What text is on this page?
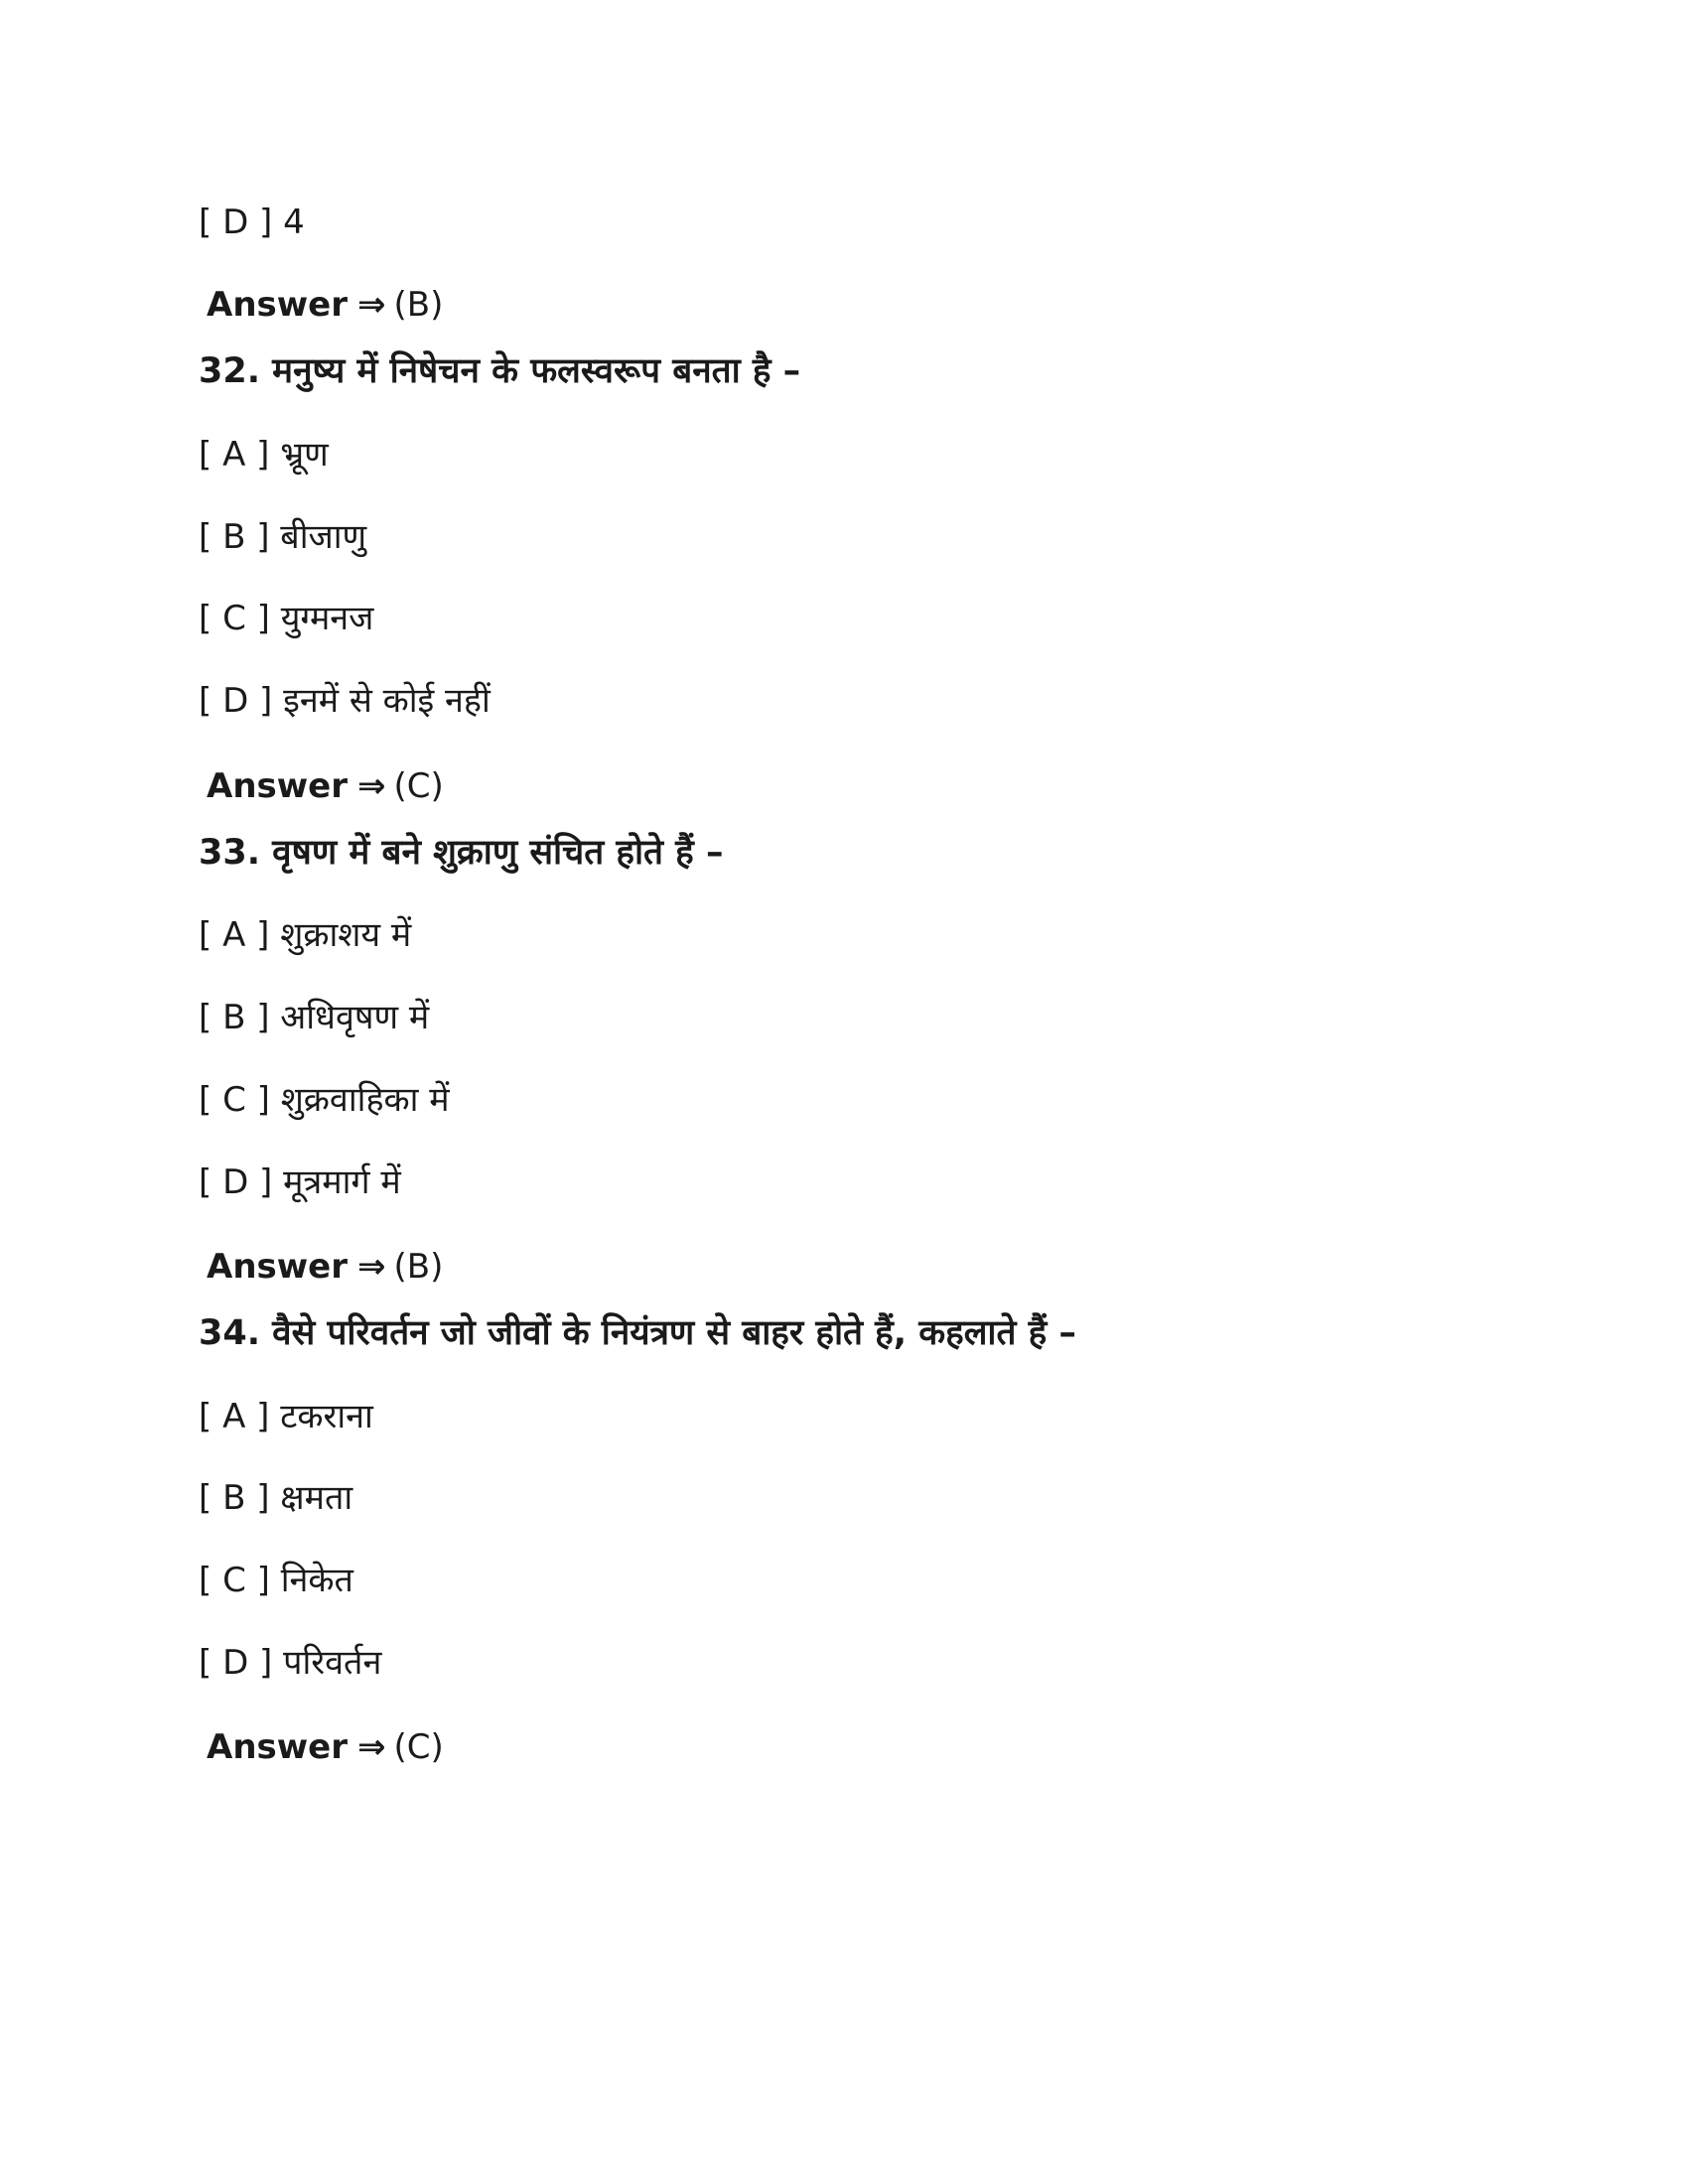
[ D ] 4
Answer ⇒ (B)
32. मनुष्य में निषेचन के फलस्वरूप बनता है –
[ A ] भ्रूण
[ B ] बीजाणु
[ C ] युग्मनज
[ D ] इनमें से कोई नहीं
Answer ⇒ (C)
33. वृषण में बने शुक्राणु संचित होते हैं –
[ A ] शुक्राशय में
[ B ] अधिवृषण में
[ C ] शुक्रवाहिका में
[ D ] मूत्रमार्ग में
Answer ⇒ (B)
34. वैसे परिवर्तन जो जीवों के नियंत्रण से बाहर होते हैं, कहलाते हैं –
[ A ] टकराना
[ B ] क्षमता
[ C ] निकेत
[ D ] परिवर्तन
Answer ⇒ (C)
